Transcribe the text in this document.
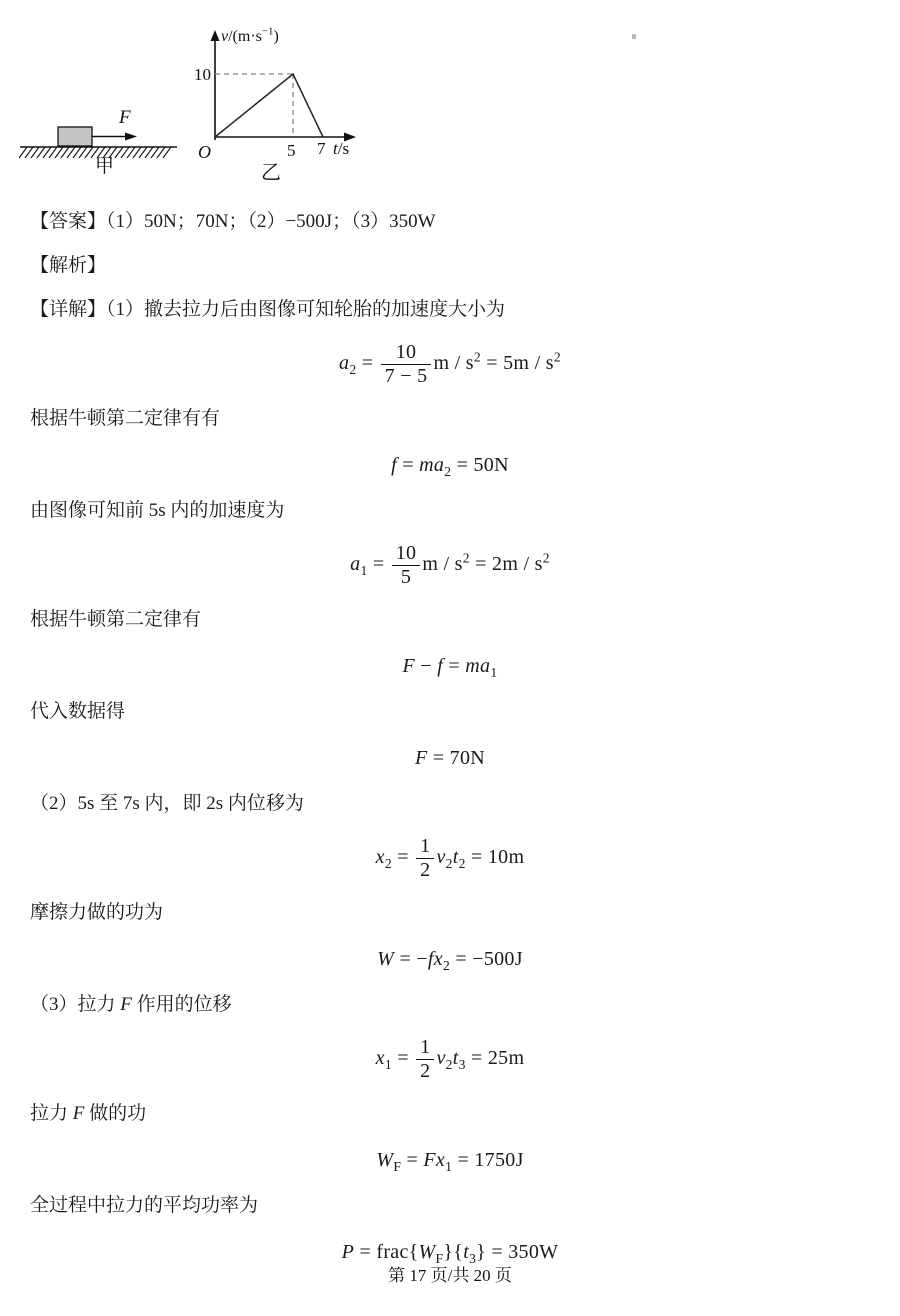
F
甲
$v/(m\cdot s^{-1})$
10
O	5 7 t/s
乙
【答案】（1）50N；70N；（2）−500J；（3）350W
【解析】
【详解】（1）撤去拉力后由图像可知轮胎的加速度大小为
$a_2 = \frac{10}{7 - 5}$ $m / s^2 = 5m / s^2$
根据牛顿第二定律有有
$f = ma_2 = 50N$
由图像可知前 5s 内的加速度为
$a_1 = \frac{10}{5}$ $m / s^2 = 2m / s^2$
根据牛顿第二定律有
$F - f = ma_1$
代入数据得
F = 70N
（2）5s 至 7s 内，即 2s 内位移为
$x_2 = \frac{1}{2} v_2t_2 = 10m$
摩擦力做的功为
$W = -fx_2 = -500J$
（3）拉力 F 作用的位移
$x_1 = \frac{1}{2} v_2t_3 = 25m$
拉力 F 做的功
$W_F = Fx_1 = 1750J$
全过程中拉力的平均功率为
$P = frac\{W_F\}\{t_3\} = 350W$
第 17 页/共 20 页
